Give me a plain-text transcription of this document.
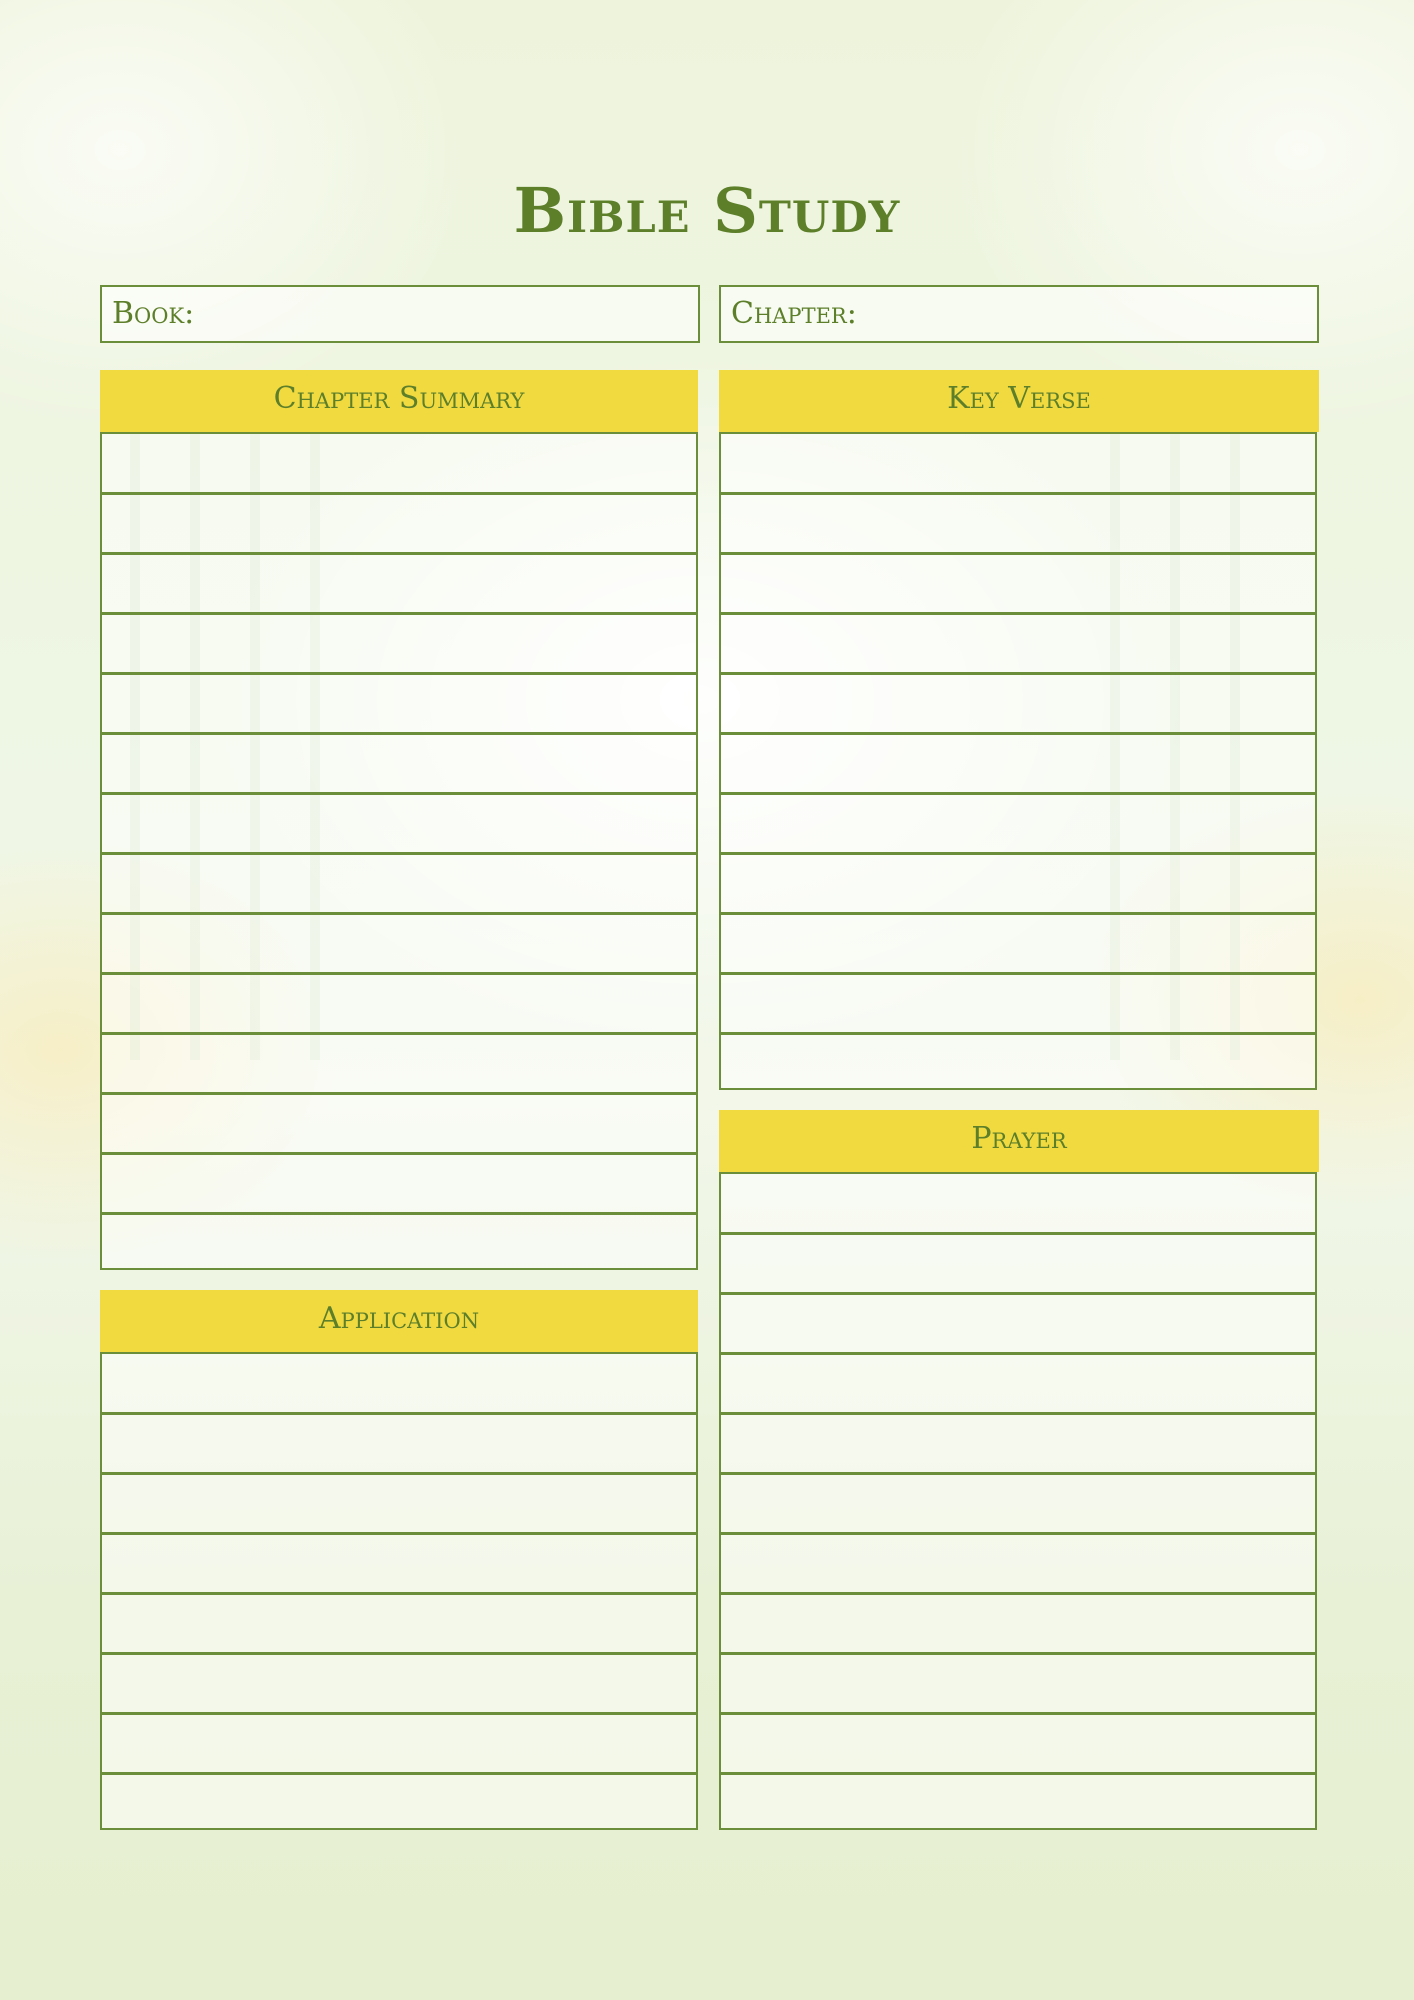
Bible Study
Book:	Chapter:
Chapter Summary	Key Verse
Prayer
Application
